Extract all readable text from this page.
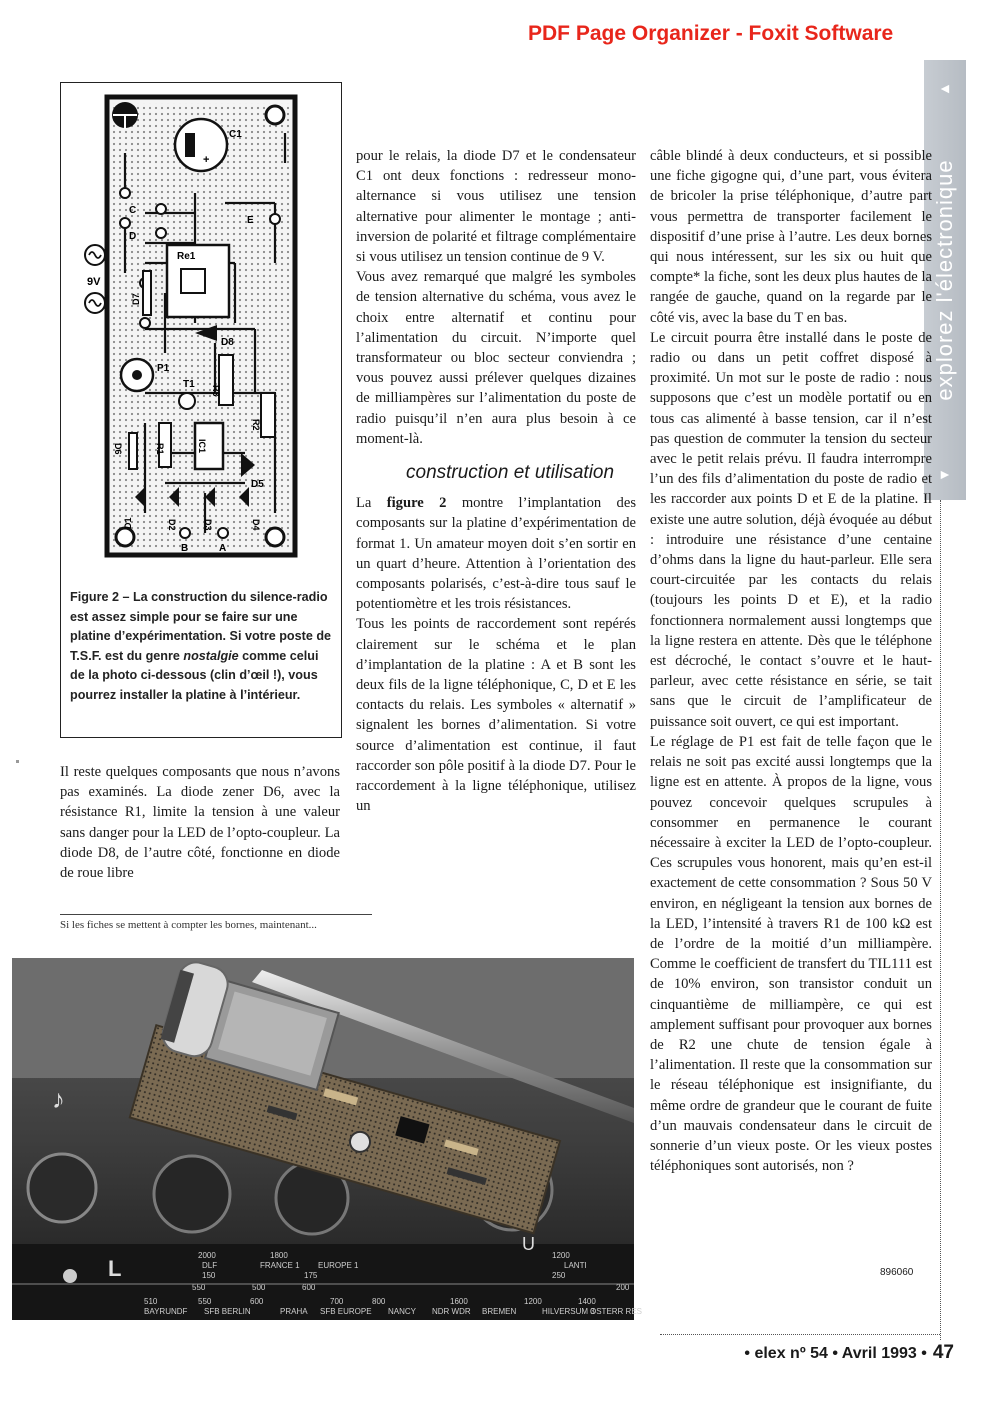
PDF Page Organizer - Foxit Software
◄
explorez l'électronique
◄
+
C1
Re1
C
D
E
D7
D8
P1
T1
R3
R2
IC1
R1
D6
D5
D1	D2	D3	D4
B	A
9V
Figure 2 – La construction du silence-radio est assez simple pour se faire sur une platine d’expérimentation. Si votre poste de T.S.F. est du genre nostalgie comme celui de la photo ci-dessous (clin d’œil !), vous pourrez installer la platine à l’intérieur.

Il reste quelques composants que nous n’avons pas examinés. La diode zener D6, avec la résistance R1, limite la tension à une valeur sans danger pour la LED de l’opto-coupleur. La diode D8, de l’autre côté, fonctionne en diode de roue libre

pour le relais, la diode D7 et le condensateur C1 ont deux fonctions : redresseur mono-alternance si vous utilisez une tension alternative pour alimenter le montage ; anti-inversion de polarité et filtrage complémentaire si vous utilisez un tension continue de 9 V.

Vous avez remarqué que malgré les symboles de tension alternative du schéma, vous avez le choix entre alternatif et continu pour l’alimentation du circuit. N’importe quel transformateur ou bloc secteur conviendra ; vous pouvez aussi prélever quelques dizaines de milliampères sur l’alimentation du poste de radio puisqu’il n’en aura plus besoin à ce moment-là.

construction et utilisation

La figure 2 montre l’implantation des composants sur la platine d’expérimentation de format 1. Un amateur moyen doit s’en sortir en un quart d’heure. Attention à l’orientation des composants polarisés, c’est-à-dire tous sauf le potentiomètre et les trois résistances.

Tous les points de raccordement sont repérés clairement sur le schéma et le plan d’implantation de la platine : A et B sont les deux fils de la ligne téléphonique, C, D et E les contacts du relais. Les symboles « alternatif » signalent les bornes d’alimentation. Si votre source d’alimentation est continue, il faut raccorder son pôle positif à la diode D7. Pour le raccordement à la ligne téléphonique, utilisez un

câble blindé à deux conducteurs, et si possible une fiche gigogne qui, d’une part, vous évitera de bricoler la prise téléphonique, d’autre part vous permettra de transporter facilement le dispositif d’une prise à l’autre. Les deux bornes qui nous intéressent, sur les six ou huit que compte* la fiche, sont les deux plus hautes de la rangée de gauche, quand on la regarde par le côté vis, avec la base du T en bas.

Le circuit pourra être installé dans le poste de radio ou dans un petit coffret disposé à proximité. Un mot sur le poste de radio : nous supposons que c’est un modèle portatif ou en tous cas alimenté à basse tension, car il n’est pas question de commuter la tension du secteur avec le petit relais prévu. Il faudra interrompre l’un des fils d’alimentation du poste de radio et les raccorder aux points D et E de la platine. Il existe une autre solution, déjà évoquée au début : introduire une résistance d’une centaine d’ohms dans la ligne du haut-parleur. Elle sera court-circuitée par les contacts du relais (toujours les points D et E), et la radio fonctionnera normalement aussi longtemps que la ligne restera en attente. Dès que le téléphone est décroché, le contact s’ouvre et le haut-parleur, avec cette résistance en série, se tait sans que le circuit de l’amplificateur de puissance soit ouvert, ce qui est important.

Le réglage de P1 est fait de telle façon que le relais ne soit pas excité aussi longtemps que la ligne est en attente. À propos de la ligne, vous pouvez concevoir quelques scrupules à consommer en permanence le courant nécessaire à exciter la LED de l’opto-coupleur. Ces scrupules vous honorent, mais qu’en est-il exactement de cette consommation ? Sous 50 V environ, en négligeant la tension aux bornes de la LED, l’intensité à travers R1 de 100 kΩ est de l’ordre de la moitié d’un milliampère. Comme le coefficient de transfert du TIL111 est de 10% environ, son transistor conduit un cinquantième de milliampère, ce qui est amplement suffisant pour provoquer aux bornes de R2 une chute de tension égale à l’alimentation. Il reste que la consommation sur le réseau téléphonique est insignifiante, du même ordre de grandeur que le courant de fuite d’un mauvais condensateur dans le circuit de sonnerie d’un vieux poste. Or les vieux postes téléphoniques sont autorisés, non ?

Si les fiches se mettent à compter les bornes, maintenant...
2000	1800	1200
DLF	FRANCE 1 EUROPE 1	LANTI
150	175	250
550	500	600
700	800	1600	1200	1400
200
510	550	600
BAYRUNDF SFB BERLIN	PRAHA SFB EUROPE NANCY NDR WDR BREMEN	HILVERSUM 3
OSTERR RES
L
U
♪
896060
• elex nº 54 • Avril 1993 • 47
